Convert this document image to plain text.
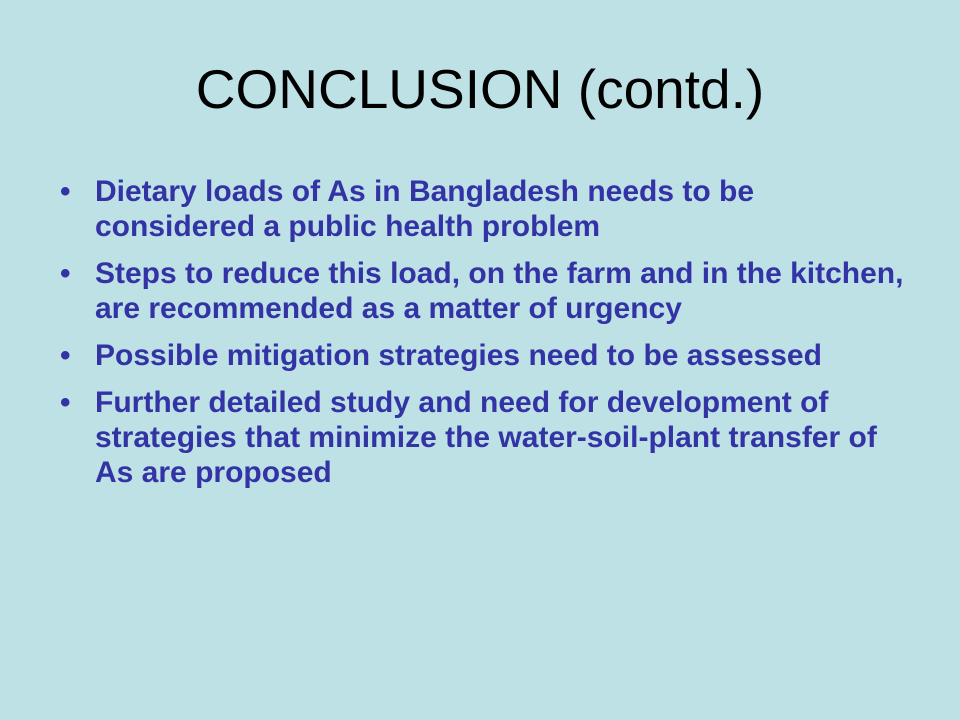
CONCLUSION (contd.)
• Dietary loads of As in Bangladesh needs to be considered a public health problem
• Steps to reduce this load, on the farm and in the kitchen, are recommended as a matter of urgency
• Possible mitigation strategies need to be assessed
• Further detailed study and need for development of strategies that minimize the water-soil-plant transfer of As are proposed
